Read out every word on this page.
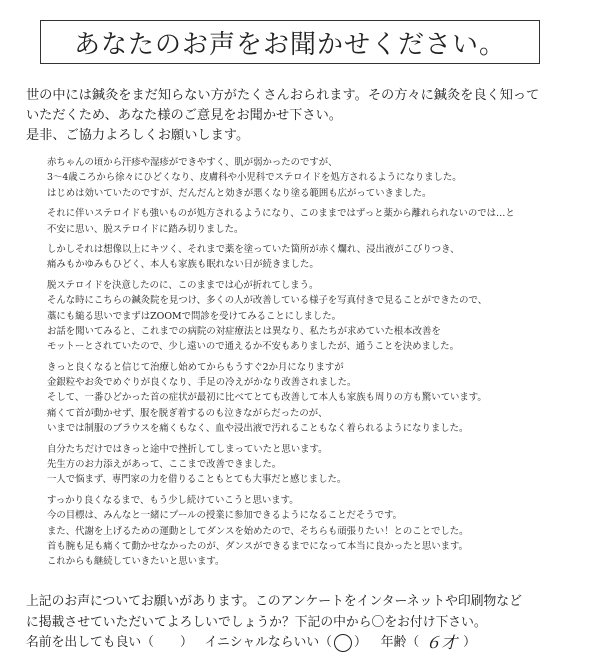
あなたのお声をお聞かせください。
世の中には鍼灸をまだ知らない方がたくさんおられます。その方々に鍼灸を良く知って
いただくため、あなた様のご意見をお聞かせ下さい。
是非、ご協力よろしくお願いします。
赤ちゃんの頃から汗疹や湿疹ができやすく、肌が弱かったのですが、
3～4歳ころから徐々にひどくなり、皮膚科や小児科でステロイドを処方されるようになりました。
はじめは効いていたのですが、だんだんと効きが悪くなり塗る範囲も広がっていきました。
それに伴いステロイドも強いものが処方されるようになり、このままではずっと薬から離れられないのでは…と
不安に思い、脱ステロイドに踏み切りました。
しかしそれは想像以上にキツく、それまで薬を塗っていた箇所が赤く爛れ、浸出液がこびりつき、
痛みもかゆみもひどく、本人も家族も眠れない日が続きました。
脱ステロイドを決意したのに、このままでは心が折れてしまう。
そんな時にこちらの鍼灸院を見つけ、多くの人が改善している様子を写真付きで見ることができたので、
藁にも縋る思いでまずはZOOMで問診を受けてみることにしました。
お話を聞いてみると、これまでの病院の対症療法とは異なり、私たちが求めていた根本改善を
モットーとされていたので、少し遠いので通えるか不安もありましたが、通うことを決めました。
きっと良くなると信じて治療し始めてからもうすぐ2か月になりますが
金銀粒やお灸でめぐりが良くなり、手足の冷えがかなり改善されました。
そして、一番ひどかった首の症状が最初に比べてとても改善して本人も家族も周りの方も驚いています。
痛くて首が動かせず、服を脱ぎ着するのも泣きながらだったのが、
いまでは制服のブラウスを痛くもなく、血や浸出液で汚れることもなく着られるようになりました。
自分たちだけではきっと途中で挫折してしまっていたと思います。
先生方のお力添えがあって、ここまで改善できました。
一人で悩まず、専門家の力を借りることもとても大事だと感じました。
すっかり良くなるまで、もう少し続けていこうと思います。
今の目標は、みんなと一緒にプールの授業に参加できるようになることだそうです。
また、代謝を上げるための運動としてダンスを始めたので、そちらも頑張りたい！とのことでした。
首も腕も足も痛くて動かせなかったのが、ダンスができるまでになって本当に良かったと思います。
これからも継続していきたいと思います。
上記のお声についてお願いがあります。このアンケートをインターネットや印刷物など
に掲載させていただいてよろしいでしょうか？下記の中から〇をお付け下さい。
名前を出しても良い（ ） イニシャルならいい（ ） 年齢（ ６才 ）
